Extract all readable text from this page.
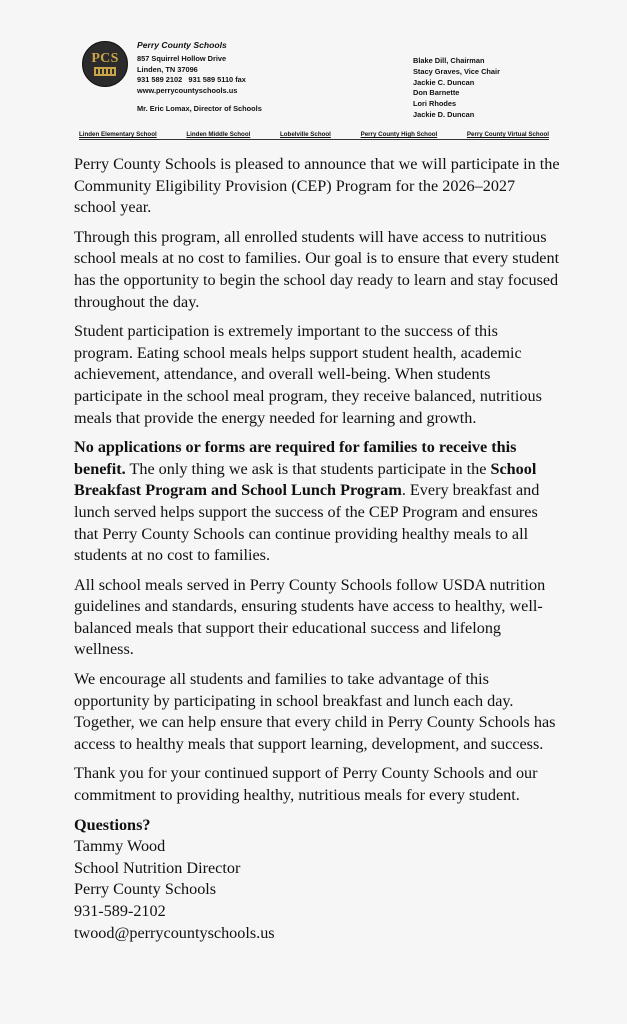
PCS
Perry County Schools
857 Squirrel Hollow Drive
Linden, TN 37096
931 589 2102   931 589 5110 fax
www.perrycountyschools.us
Mr. Eric Lomax, Director of Schools
Blake Dill, Chairman
Stacy Graves, Vice Chair
Jackie C. Duncan
Don Barnette
Lori Rhodes
Jackie D. Duncan
Linden Elementary School	Linden Middle School	Lobelville School	Perry County High School	Perry County Virtual School

Perry County Schools is pleased to announce that we will participate in the Community Eligibility Provision (CEP) Program for the 2026–2027 school year.

Through this program, all enrolled students will have access to nutritious school meals at no cost to families. Our goal is to ensure that every student has the opportunity to begin the school day ready to learn and stay focused throughout the day.

Student participation is extremely important to the success of this program. Eating school meals helps support student health, academic achievement, attendance, and overall well-being. When students participate in the school meal program, they receive balanced, nutritious meals that provide the energy needed for learning and growth.

No applications or forms are required for families to receive this benefit. The only thing we ask is that students participate in the School Breakfast Program and School Lunch Program. Every breakfast and lunch served helps support the success of the CEP Program and ensures that Perry County Schools can continue providing healthy meals to all students at no cost to families.

All school meals served in Perry County Schools follow USDA nutrition guidelines and standards, ensuring students have access to healthy, well-balanced meals that support their educational success and lifelong wellness.

We encourage all students and families to take advantage of this opportunity by participating in school breakfast and lunch each day. Together, we can help ensure that every child in Perry County Schools has access to healthy meals that support learning, development, and success.

Thank you for your continued support of Perry County Schools and our commitment to providing healthy, nutritious meals for every student.

Questions?
Tammy Wood
School Nutrition Director
Perry County Schools
931-589-2102
twood@perrycountyschools.us
